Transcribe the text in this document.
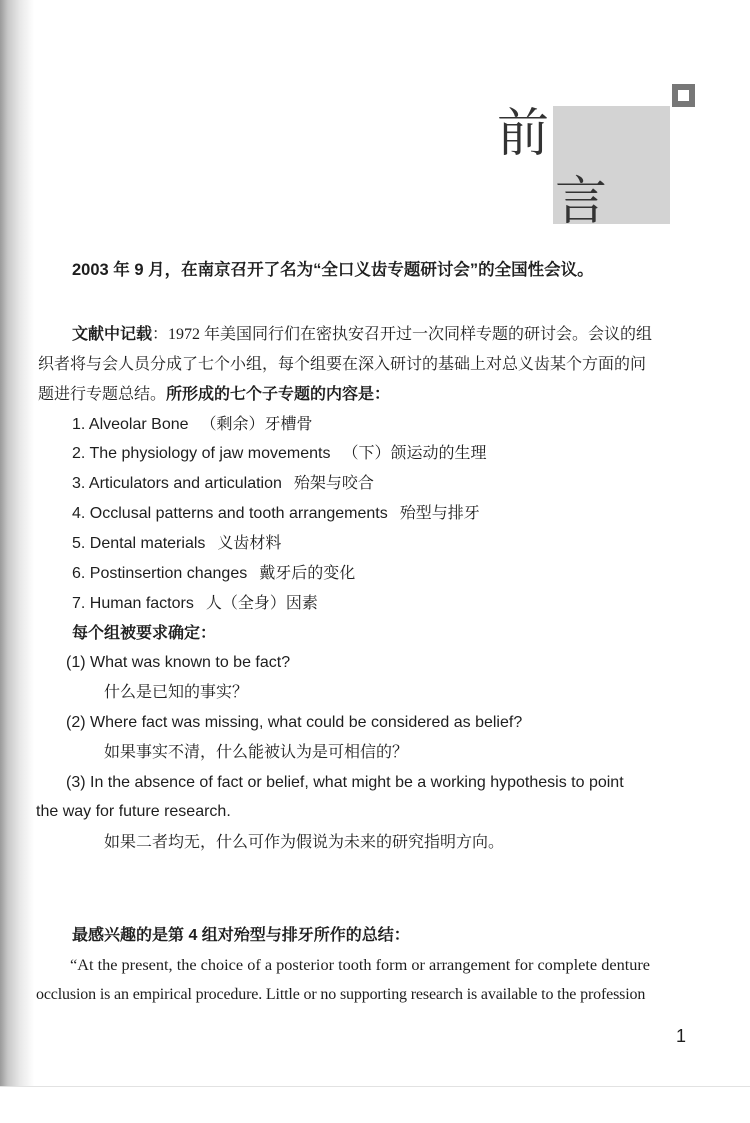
前
言
2003 年 9 月，在南京召开了名为“全口义齿专题研讨会”的全国性会议。
文献中记载：1972 年美国同行们在密执安召开过一次同样专题的研讨会。会议的组
织者将与会人员分成了七个小组，每个组要在深入研讨的基础上对总义齿某个方面的问
题进行专题总结。所形成的七个子专题的内容是：
1. Alveolar Bone （剩余）牙槽骨
2. The physiology of jaw movements （下）颌运动的生理
3. Articulators and articulation 殆架与咬合
4. Occlusal patterns and tooth arrangements 殆型与排牙
5. Dental materials 义齿材料
6. Postinsertion changes 戴牙后的变化
7. Human factors 人（全身）因素
每个组被要求确定：
(1) What was known to be fact?
什么是已知的事实？
(2) Where fact was missing, what could be considered as belief?
如果事实不清，什么能被认为是可相信的？
(3) In the absence of fact or belief, what might be a working hypothesis to point
the way for future research.
如果二者均无，什么可作为假说为未来的研究指明方向。
最感兴趣的是第 4 组对殆型与排牙所作的总结：
“At the present, the choice of a posterior tooth form or arrangement for complete denture
occlusion is an empirical procedure. Little or no supporting research is available to the profession
1
